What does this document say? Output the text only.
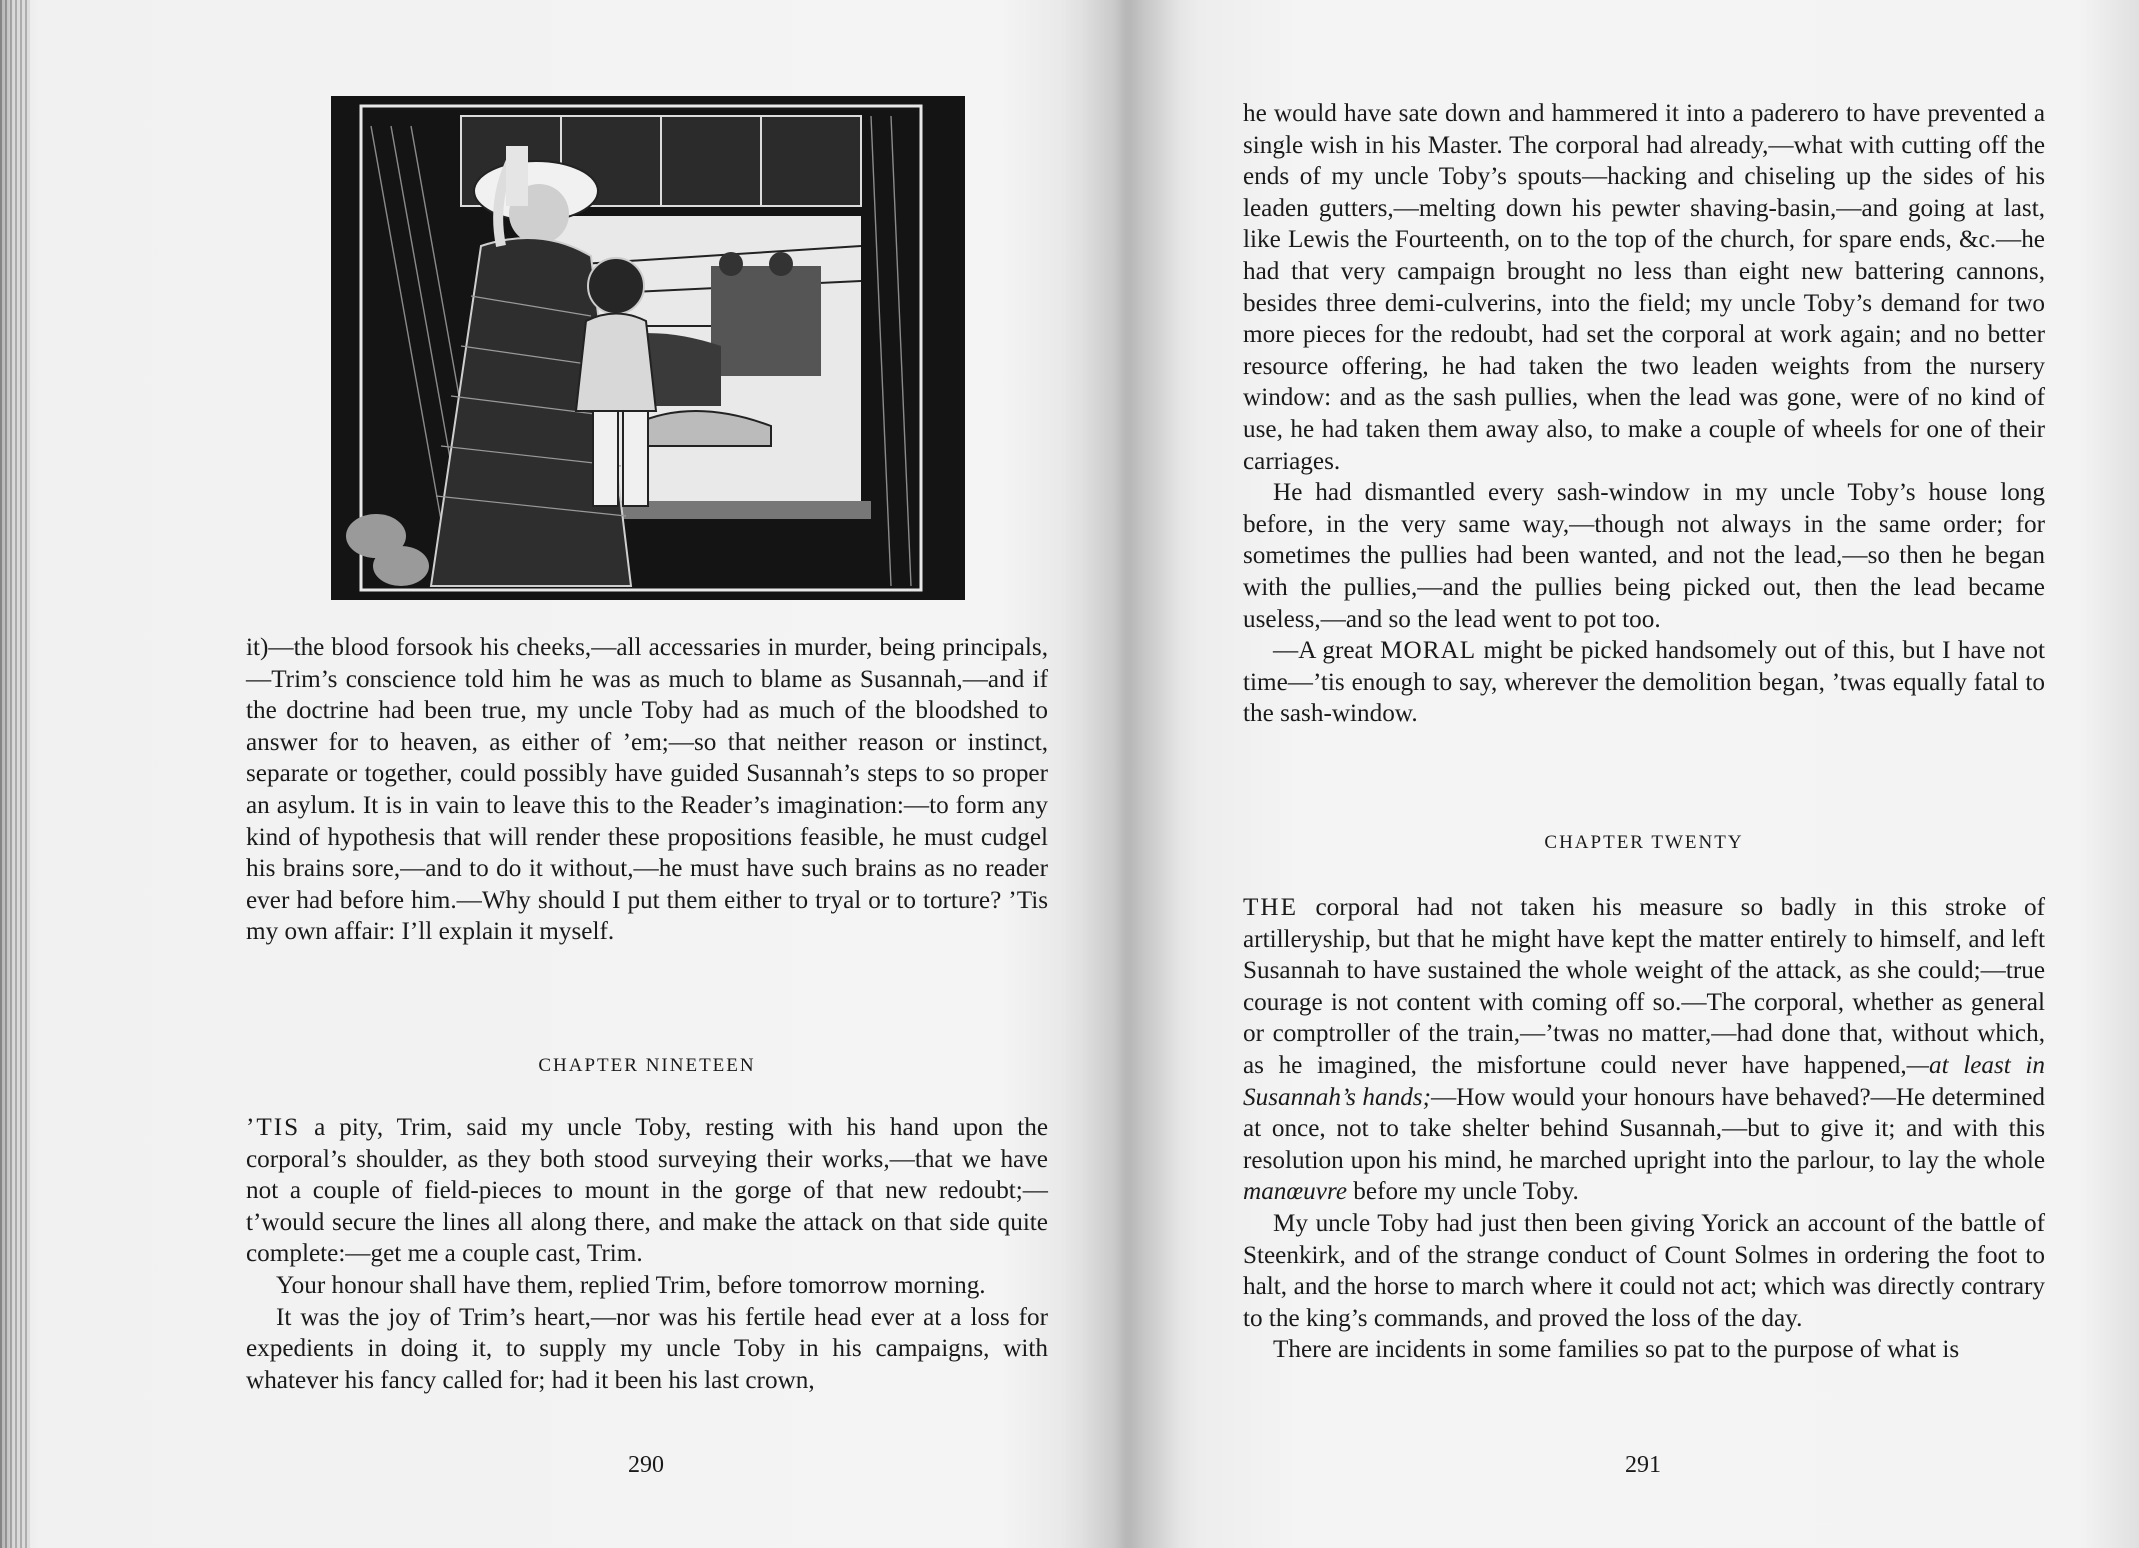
it)—the blood forsook his cheeks,—all accessaries in murder, being principals,—Trim’s conscience told him he was as much to blame as Susannah,—and if the doctrine had been true, my uncle Toby had as much of the bloodshed to answer for to heaven, as either of ’em;—so that neither reason or instinct, separate or together, could possibly have guided Susannah’s steps to so proper an asylum. It is in vain to leave this to the Reader’s imagination:—to form any kind of hypothesis that will render these propositions feasible, he must cudgel his brains sore,—and to do it without,—he must have such brains as no reader ever had before him.—Why should I put them either to tryal or to torture? ’Tis my own affair: I’ll explain it myself.

CHAPTER NINETEEN

’TIS a pity, Trim, said my uncle Toby, resting with his hand upon the corporal’s shoulder, as they both stood surveying their works,—that we have not a couple of field-pieces to mount in the gorge of that new redoubt;—t’would secure the lines all along there, and make the attack on that side quite complete:—get me a couple cast, Trim.

Your honour shall have them, replied Trim, before tomorrow morning.

It was the joy of Trim’s heart,—nor was his fertile head ever at a loss for expedients in doing it, to supply my uncle Toby in his campaigns, with whatever his fancy called for; had it been his last crown,

290

he would have sate down and hammered it into a paderero to have prevented a single wish in his Master. The corporal had already,—what with cutting off the ends of my uncle Toby’s spouts—hacking and chiseling up the sides of his leaden gutters,—melting down his pewter shaving-basin,—and going at last, like Lewis the Fourteenth, on to the top of the church, for spare ends, &c.—he had that very campaign brought no less than eight new battering cannons, besides three demi-culverins, into the field; my uncle Toby’s demand for two more pieces for the redoubt, had set the corporal at work again; and no better resource offering, he had taken the two leaden weights from the nursery window: and as the sash pullies, when the lead was gone, were of no kind of use, he had taken them away also, to make a couple of wheels for one of their carriages.

He had dismantled every sash-window in my uncle Toby’s house long before, in the very same way,—though not always in the same order; for sometimes the pullies had been wanted, and not the lead,—so then he began with the pullies,—and the pullies being picked out, then the lead became useless,—and so the lead went to pot too.

—A great MORAL might be picked handsomely out of this, but I have not time—’tis enough to say, wherever the demolition began, ’twas equally fatal to the sash-window.

CHAPTER TWENTY

THE corporal had not taken his measure so badly in this stroke of artilleryship, but that he might have kept the matter entirely to himself, and left Susannah to have sustained the whole weight of the attack, as she could;—true courage is not content with coming off so.—The corporal, whether as general or comptroller of the train,—’twas no matter,—had done that, without which, as he imagined, the misfortune could never have happened,—at least in Susannah’s hands;—How would your honours have behaved?—He determined at once, not to take shelter behind Susannah,—but to give it; and with this resolution upon his mind, he marched upright into the parlour, to lay the whole manœuvre before my uncle Toby.

My uncle Toby had just then been giving Yorick an account of the battle of Steenkirk, and of the strange conduct of Count Solmes in ordering the foot to halt, and the horse to march where it could not act; which was directly contrary to the king’s commands, and proved the loss of the day.

There are incidents in some families so pat to the purpose of what is

291
